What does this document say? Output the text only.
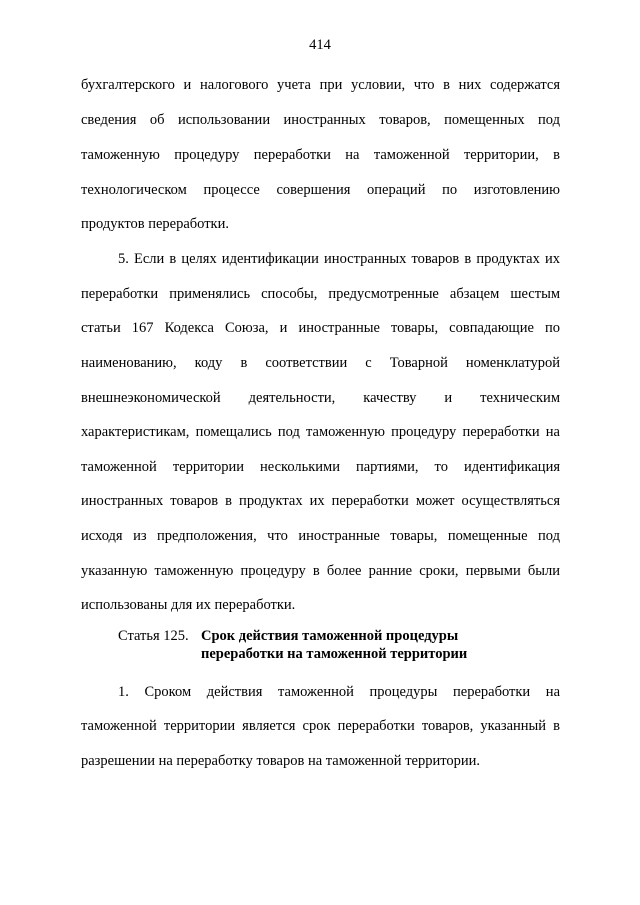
414
бухгалтерского и налогового учета при условии, что в них содержатся
сведения об использовании иностранных товаров, помещенных под
таможенную процедуру переработки на таможенной территории, в
технологическом процессе совершения операций по изготовлению
продуктов переработки.
5. Если в целях идентификации иностранных товаров в продуктах их
переработки применялись способы, предусмотренные абзацем шестым
статьи 167 Кодекса Союза, и иностранные товары, совпадающие по
наименованию, коду в соответствии с Товарной номенклатурой
внешнеэкономической деятельности, качеству и техническим
характеристикам, помещались под таможенную процедуру переработки на
таможенной территории несколькими партиями, то идентификация
иностранных товаров в продуктах их переработки может осуществляться
исходя из предположения, что иностранные товары, помещенные под
указанную таможенную процедуру в более ранние сроки, первыми были
использованы для их переработки.
Статья 125. Срок действия таможенной процедуры
переработки на таможенной территории
1. Сроком действия таможенной процедуры переработки на
таможенной территории является срок переработки товаров, указанный в
разрешении на переработку товаров на таможенной территории.
